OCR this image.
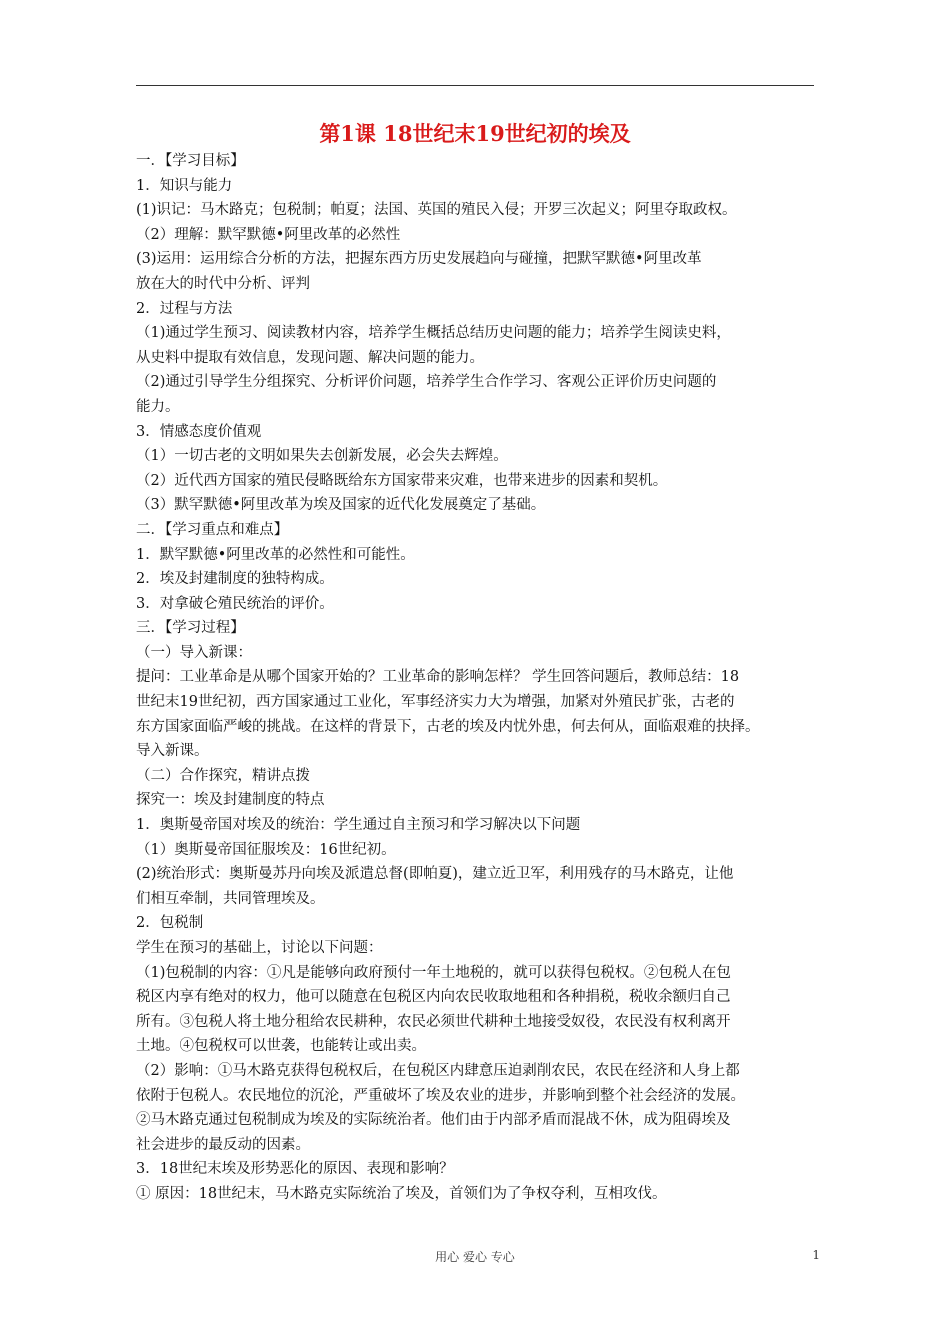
第1课 18世纪末19世纪初的埃及
一．【学习目标】
1．知识与能力
(1)识记：马木路克；包税制；帕夏；法国、英国的殖民入侵；开罗三次起义；阿里夺取政权。
（2）理解：默罕默德•阿里改革的必然性
(3)运用：运用综合分析的方法，把握东西方历史发展趋向与碰撞，把默罕默德•阿里改革
放在大的时代中分析、评判
2．过程与方法
（1)通过学生预习、阅读教材内容，培养学生概括总结历史问题的能力；培养学生阅读史料，
从史料中提取有效信息，发现问题、解决问题的能力。
（2)通过引导学生分组探究、分析评价问题，培养学生合作学习、客观公正评价历史问题的
能力。
3．情感态度价值观
（1）一切古老的文明如果失去创新发展，必会失去辉煌。
（2）近代西方国家的殖民侵略既给东方国家带来灾难，也带来进步的因素和契机。
（3）默罕默德•阿里改革为埃及国家的近代化发展奠定了基础。
二．【学习重点和难点】
1．默罕默德•阿里改革的必然性和可能性。
2．埃及封建制度的独特构成。
3．对拿破仑殖民统治的评价。
三．【学习过程】
（一）导入新课：
提问：工业革命是从哪个国家开始的？工业革命的影响怎样？ 学生回答问题后，教师总结：18
世纪末19世纪初，西方国家通过工业化，军事经济实力大为增强，加紧对外殖民扩张，古老的
东方国家面临严峻的挑战。在这样的背景下，古老的埃及内忧外患，何去何从，面临艰难的抉择。
导入新课。
（二）合作探究，精讲点拨
探究一：埃及封建制度的特点
1．奥斯曼帝国对埃及的统治：学生通过自主预习和学习解决以下问题
（1）奥斯曼帝国征服埃及：16世纪初。
(2)统治形式：奥斯曼苏丹向埃及派遣总督(即帕夏)，建立近卫军，利用残存的马木路克，让他
们相互牵制，共同管理埃及。
2．包税制
学生在预习的基础上，讨论以下问题：
（1)包税制的内容：①凡是能够向政府预付一年土地税的，就可以获得包税权。②包税人在包
税区内享有绝对的权力，他可以随意在包税区内向农民收取地租和各种捐税，税收余额归自己
所有。③包税人将土地分租给农民耕种，农民必须世代耕种土地接受奴役，农民没有权利离开
土地。④包税权可以世袭，也能转让或出卖。
（2）影响：①马木路克获得包税权后，在包税区内肆意压迫剥削农民，农民在经济和人身上都
依附于包税人。农民地位的沉沦，严重破坏了埃及农业的进步，并影响到整个社会经济的发展。
②马木路克通过包税制成为埃及的实际统治者。他们由于内部矛盾而混战不休，成为阻碍埃及
社会进步的最反动的因素。
3．18世纪末埃及形势恶化的原因、表现和影响？
① 原因：18世纪末，马木路克实际统治了埃及，首领们为了争权夺利，互相攻伐。
用心 爱心 专心	1
